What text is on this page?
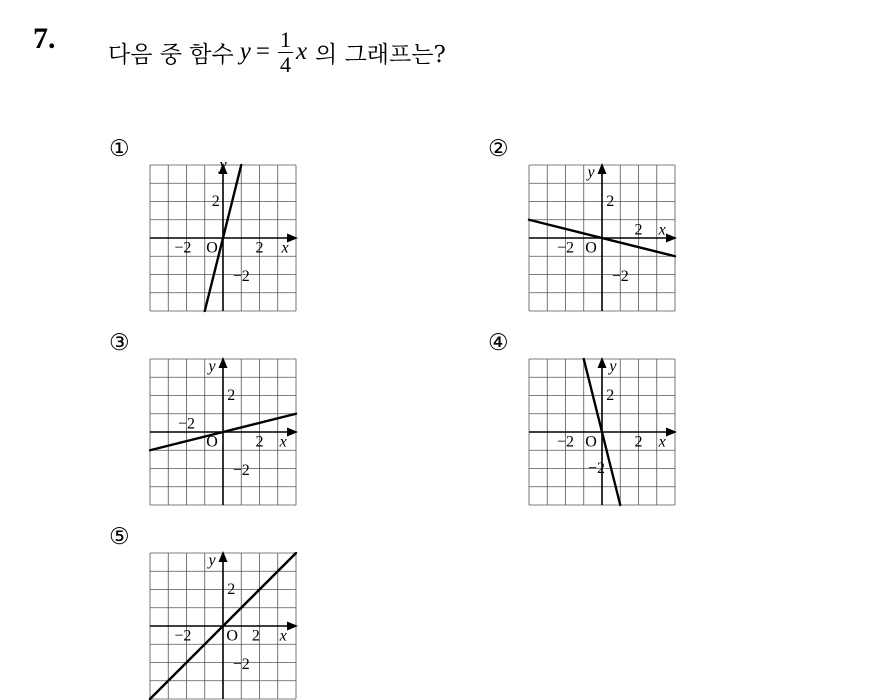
7. 다음 중 함수 $y = \frac{1}{4}$ x 의 그래프는?
①
y
2
−2 O 2 x
−2
②
y
2
2 x
−2 O
−2
③
y
2
−2
O 2 x
−2
④
y
2
−2 O 2 x
−2
⑤
y
2
−2 O 2 x
−2
